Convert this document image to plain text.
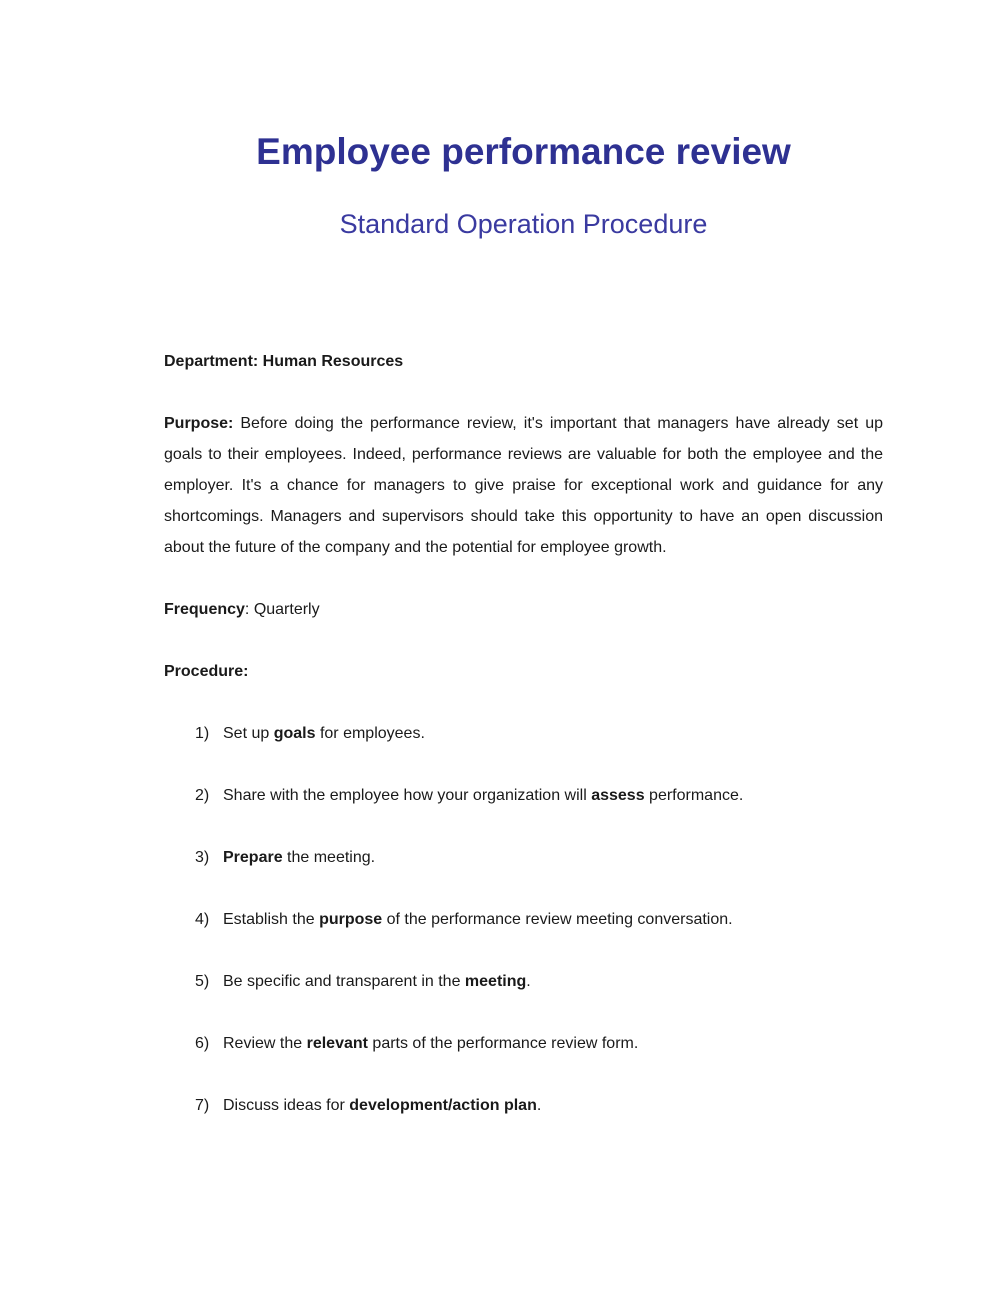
Employee performance review
Standard Operation Procedure

Department: Human Resources

Purpose: Before doing the performance review, it's important that managers have already set up goals to their employees. Indeed, performance reviews are valuable for both the employee and the employer. It's a chance for managers to give praise for exceptional work and guidance for any shortcomings. Managers and supervisors should take this opportunity to have an open discussion about the future of the company and the potential for employee growth.

Frequency: Quarterly

Procedure:

1) Set up goals for employees.
2) Share with the employee how your organization will assess performance.
3) Prepare the meeting.
4) Establish the purpose of the performance review meeting conversation.
5) Be specific and transparent in the meeting.
6) Review the relevant parts of the performance review form.
7) Discuss ideas for development/action plan.
